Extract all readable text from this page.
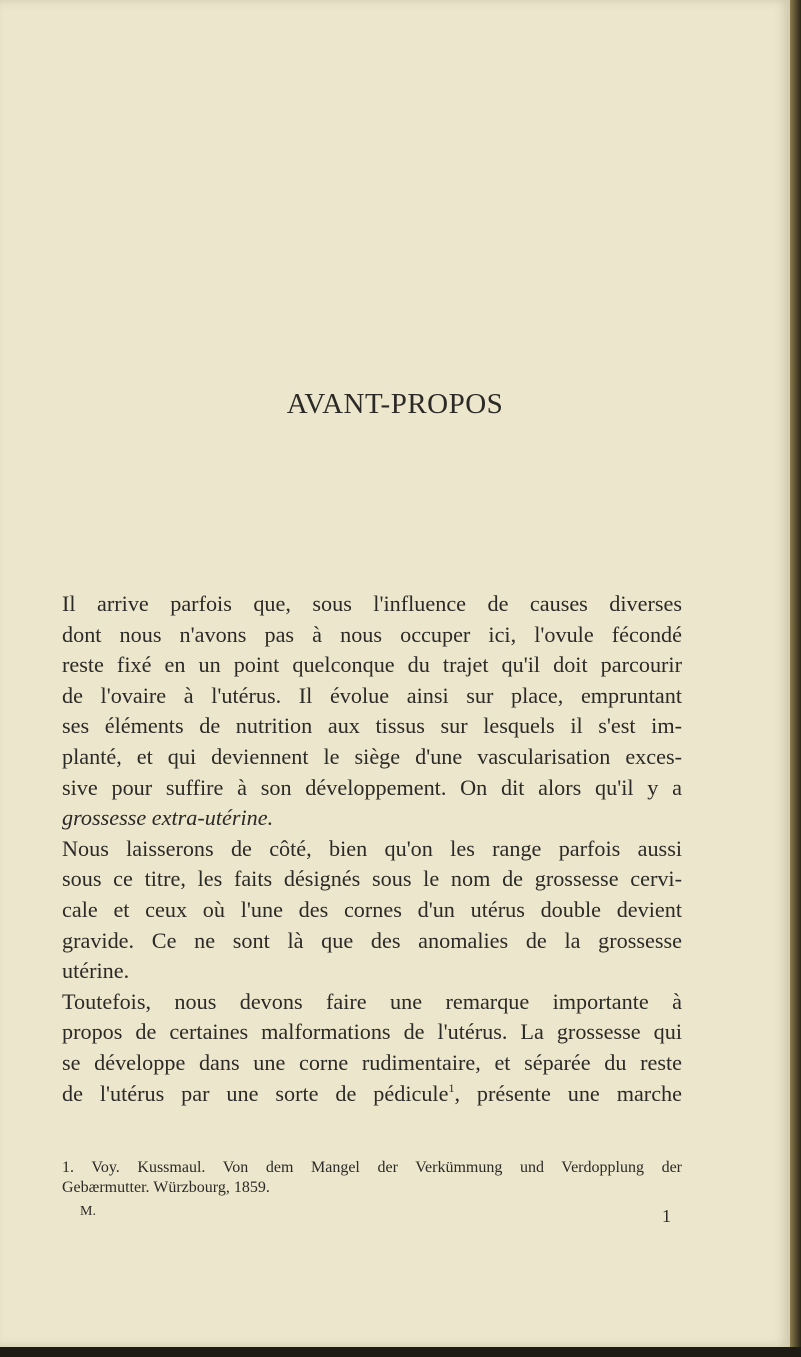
AVANT-PROPOS
Il arrive parfois que, sous l'influence de causes diverses
dont nous n'avons pas à nous occuper ici, l'ovule fécondé
reste fixé en un point quelconque du trajet qu'il doit parcourir
de l'ovaire à l'utérus. Il évolue ainsi sur place, empruntant
ses éléments de nutrition aux tissus sur lesquels il s'est im-
planté, et qui deviennent le siège d'une vascularisation exces-
sive pour suffire à son développement. On dit alors qu'il y a
grossesse extra-utérine.
Nous laisserons de côté, bien qu'on les range parfois aussi
sous ce titre, les faits désignés sous le nom de grossesse cervi-
cale et ceux où l'une des cornes d'un utérus double devient
gravide. Ce ne sont là que des anomalies de la grossesse
utérine.
Toutefois, nous devons faire une remarque importante à
propos de certaines malformations de l'utérus. La grossesse qui
se développe dans une corne rudimentaire, et séparée du reste
de l'utérus par une sorte de pédicule$^1$, présente une marche
1. Voy. Kussmaul. Von dem Mangel der Verkümmung und Verdopplung der
Gebærmutter. Würzbourg, 1859.
M.	1
